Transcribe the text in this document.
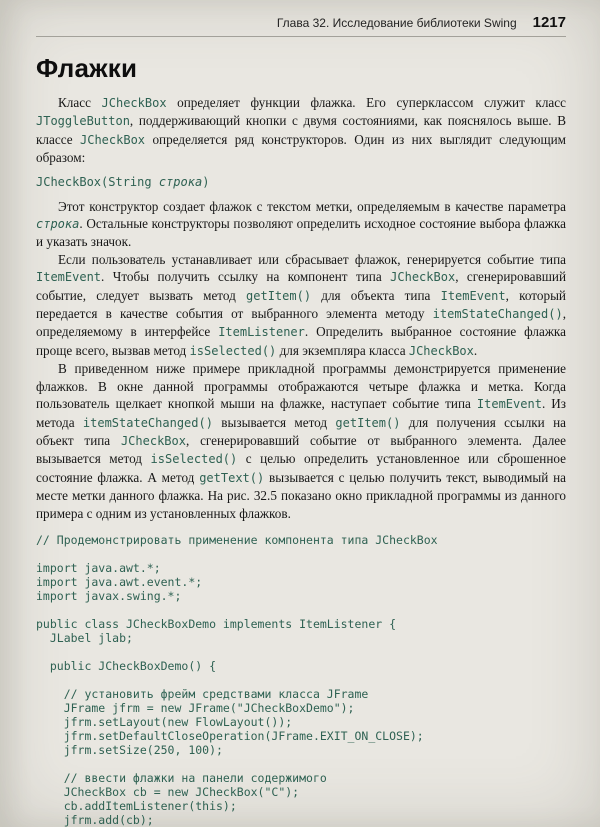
Глава 32. Исследование библиотеки Swing 1217
Флажки

Класс JCheckBox определяет функции флажка. Его суперклассом служит класс JToggleButton, поддерживающий кнопки с двумя состояниями, как пояснялось выше. В классе JCheckBox определяется ряд конструкторов. Один из них выглядит следующим образом:

JCheckBox(String строка)

Этот конструктор создает флажок с текстом метки, определяемым в качестве параметра строка. Остальные конструкторы позволяют определить исходное состояние выбора флажка и указать значок.

Если пользователь устанавливает или сбрасывает флажок, генерируется событие типа ItemEvent. Чтобы получить ссылку на компонент типа JCheckBox, сгенерировавший событие, следует вызвать метод getItem() для объекта типа ItemEvent, который передается в качестве события от выбранного элемента методу itemStateChanged(), определяемому в интерфейсе ItemListener. Определить выбранное состояние флажка проще всего, вызвав метод isSelected() для экземпляра класса JCheckBox.

В приведенном ниже примере прикладной программы демонстрируется применение флажков. В окне данной программы отображаются четыре флажка и метка. Когда пользователь щелкает кнопкой мыши на флажке, наступает событие типа ItemEvent. Из метода itemStateChanged() вызывается метод getItem() для получения ссылки на объект типа JCheckBox, сгенерировавший событие от выбранного элемента. Далее вызывается метод isSelected() с целью определить установленное или сброшенное состояние флажка. А метод getText() вызывается с целью получить текст, выводимый на месте метки данного флажка. На рис. 32.5 показано окно прикладной программы из данного примера с одним из установленных флажков.

// Продемонстрировать применение компонента типа JCheckBox
import java.awt.*;
import java.awt.event.*;
import javax.swing.*;
public class JCheckBoxDemo implements ItemListener {
JLabel jlab;
public JCheckBoxDemo() {
// установить фрейм средствами класса JFrame
JFrame jfrm = new JFrame("JCheckBoxDemo");
jfrm.setLayout(new FlowLayout());
jfrm.setDefaultCloseOperation(JFrame.EXIT_ON_CLOSE);
jfrm.setSize(250, 100);
// ввести флажки на панели содержимого
JCheckBox cb = new JCheckBox("C");
cb.addItemListener(this);
jfrm.add(cb);
